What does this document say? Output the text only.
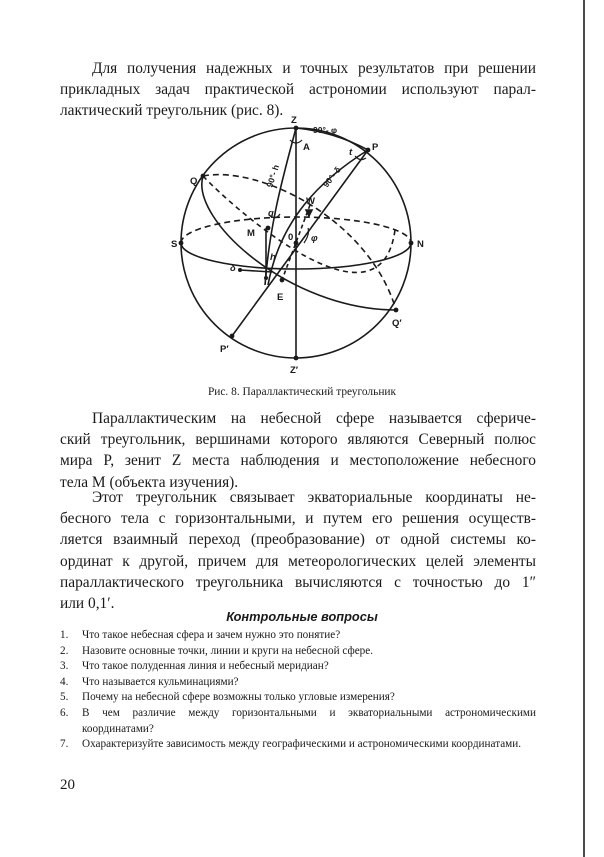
Для получения надежных и точных результатов при решении
прикладных задач практической астрономии используют парал-
лактический треугольник (рис. 8).

Z
90°- φ
P
A	t
Q	90°- h	90°- δ
W
q
M	0 φ
S	N
h
δ
E
Q′
P′
Z′
Рис. 8. Параллактический треугольник

Параллактическим на небесной сфере называется сфериче-
ский треугольник, вершинами которого являются Северный полюс
мира P, зенит Z места наблюдения и местоположение небесного
тела M (объекта изучения).

Этот треугольник связывает экваториальные координаты не-
бесного тела с горизонтальными, и путем его решения осуществ-
ляется взаимный переход (преобразование) от одной системы ко-
ординат к другой, причем для метеорологических целей элементы
параллактического треугольника вычисляются с точностью до 1″
или 0,1′.

Контрольные вопросы
1. Что такое небесная сфера и зачем нужно это понятие?
2. Назовите основные точки, линии и круги на небесной сфере.
3. Что такое полуденная линия и небесный меридиан?
4. Что называется кульминациями?
5. Почему на небесной сфере возможны только угловые измерения?
6. В чем различие между горизонтальными и экваториальными астрономическими координатами?
7. Охарактеризуйте зависимость между географическими и астрономическими координатами.
20
